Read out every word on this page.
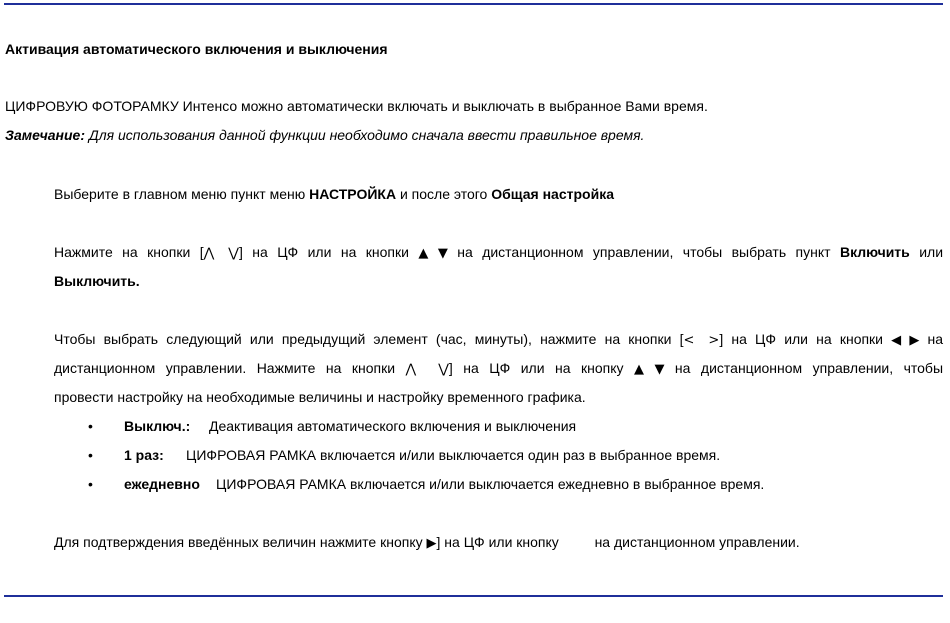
Активация автоматического включения и выключения
ЦИФРОВУЮ ФОТОРАМКУ Интенсо можно автоматически включать и выключать в выбранное Вами время.
Замечание: Для использования данной функции необходимо сначала ввести правильное время.
Выберите в главном меню пункт меню НАСТРОЙКА и после этого Общая настройка
Нажмите на кнопки [⋀ ⋁] на ЦФ или на кнопки ▲ ▼ на дистанционном управлении, чтобы выбрать пункт Включить или
Выключить.
Чтобы выбрать следующий или предыдущий элемент (час, минуты), нажмите на кнопки [< >] на ЦФ или на кнопки ◀ ▶ на
дистанционном управлении. Нажмите на кнопки ⋀ ⋁] на ЦФ или на кнопку ▲ ▼ на дистанционном управлении, чтобы
провести настройку на необходимые величины и настройку временного графика.
• Выключ.: Деактивация автоматического включения и выключения
• 1 раз: ЦИФРОВАЯ РАМКА включается и/или выключается один раз в выбранное время.
• ежедневно ЦИФРОВАЯ РАМКА включается и/или выключается ежедневно в выбранное время.
Для подтверждения введённых величин нажмите кнопку ▶] на ЦФ или кнопку  на дистанционном управлении.
